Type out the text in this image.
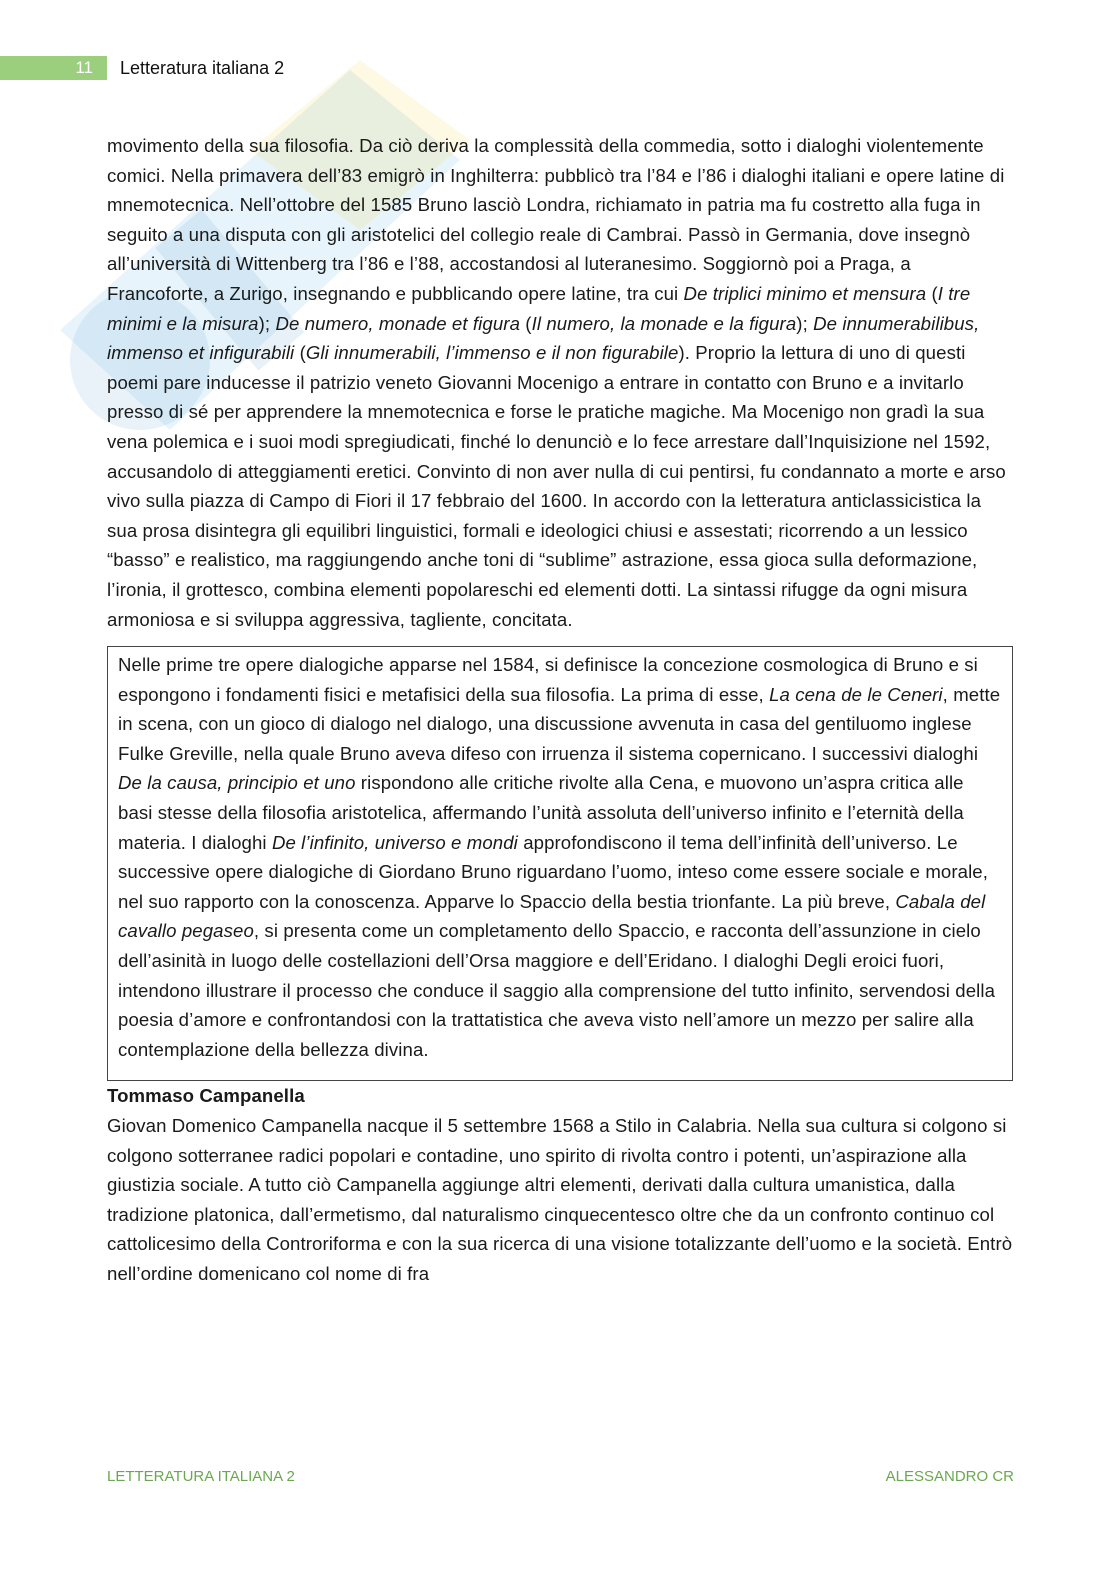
11	Letteratura italiana 2

movimento della sua filosofia. Da ciò deriva la complessità della commedia, sotto i dialoghi violentemente comici. Nella primavera dell’83 emigrò in Inghilterra: pubblicò tra l’84 e l’86 i dialoghi italiani e opere latine di mnemotecnica. Nell’ottobre del 1585 Bruno lasciò Londra, richiamato in patria ma fu costretto alla fuga in seguito a una disputa con gli aristotelici del collegio reale di Cambrai. Passò in Germania, dove insegnò all’università di Wittenberg tra l’86 e l’88, accostandosi al luteranesimo. Soggiornò poi a Praga, a Francoforte, a Zurigo, insegnando e pubblicando opere latine, tra cui De triplici minimo et mensura (I tre minimi e la misura); De numero, monade et figura (Il numero, la monade e la figura); De innumerabilibus, immenso et infigurabili (Gli innumerabili, l’immenso e il non figurabile). Proprio la lettura di uno di questi poemi pare inducesse il patrizio veneto Giovanni Mocenigo a entrare in contatto con Bruno e a invitarlo presso di sé per apprendere la mnemotecnica e forse le pratiche magiche. Ma Mocenigo non gradì la sua vena polemica e i suoi modi spregiudicati, finché lo denunciò e lo fece arrestare dall’Inquisizione nel 1592, accusandolo di atteggiamenti eretici. Convinto di non aver nulla di cui pentirsi, fu condannato a morte e arso vivo sulla piazza di Campo di Fiori il 17 febbraio del 1600. In accordo con la letteratura anticlassicistica la sua prosa disintegra gli equilibri linguistici, formali e ideologici chiusi e assestati; ricorrendo a un lessico “basso” e realistico, ma raggiungendo anche toni di “sublime” astrazione, essa gioca sulla deformazione, l’ironia, il grottesco, combina elementi popolareschi ed elementi dotti. La sintassi rifugge da ogni misura armoniosa e si sviluppa aggressiva, tagliente, concitata.

Nelle prime tre opere dialogiche apparse nel 1584, si definisce la concezione cosmologica di Bruno e si espongono i fondamenti fisici e metafisici della sua filosofia. La prima di esse, La cena de le Ceneri, mette in scena, con un gioco di dialogo nel dialogo, una discussione avvenuta in casa del gentiluomo inglese Fulke Greville, nella quale Bruno aveva difeso con irruenza il sistema copernicano. I successivi dialoghi De la causa, principio et uno rispondono alle critiche rivolte alla Cena, e muovono un’aspra critica alle basi stesse della filosofia aristotelica, affermando l’unità assoluta dell’universo infinito e l’eternità della materia. I dialoghi De l’infinito, universo e mondi approfondiscono il tema dell’infinità dell’universo. Le successive opere dialogiche di Giordano Bruno riguardano l’uomo, inteso come essere sociale e morale, nel suo rapporto con la conoscenza. Apparve lo Spaccio della bestia trionfante. La più breve, Cabala del cavallo pegaseo, si presenta come un completamento dello Spaccio, e racconta dell’assunzione in cielo dell’asinità in luogo delle costellazioni dell’Orsa maggiore e dell’Eridano. I dialoghi Degli eroici fuori, intendono illustrare il processo che conduce il saggio alla comprensione del tutto infinito, servendosi della poesia d’amore e confrontandosi con la trattatistica che aveva visto nell’amore un mezzo per salire alla contemplazione della bellezza divina.

Tommaso Campanella

Giovan Domenico Campanella nacque il 5 settembre 1568 a Stilo in Calabria. Nella sua cultura si colgono si colgono sotterranee radici popolari e contadine, uno spirito di rivolta contro i potenti, un’aspirazione alla giustizia sociale. A tutto ciò Campanella aggiunge altri elementi, derivati dalla cultura umanistica, dalla tradizione platonica, dall’ermetismo, dal naturalismo cinquecentesco oltre che da un confronto continuo col cattolicesimo della Controriforma e con la sua ricerca di una visione totalizzante dell’uomo e la società. Entrò nell’ordine domenicano col nome di fra

LETTERATURA ITALIANA 2	ALESSANDRO CR
